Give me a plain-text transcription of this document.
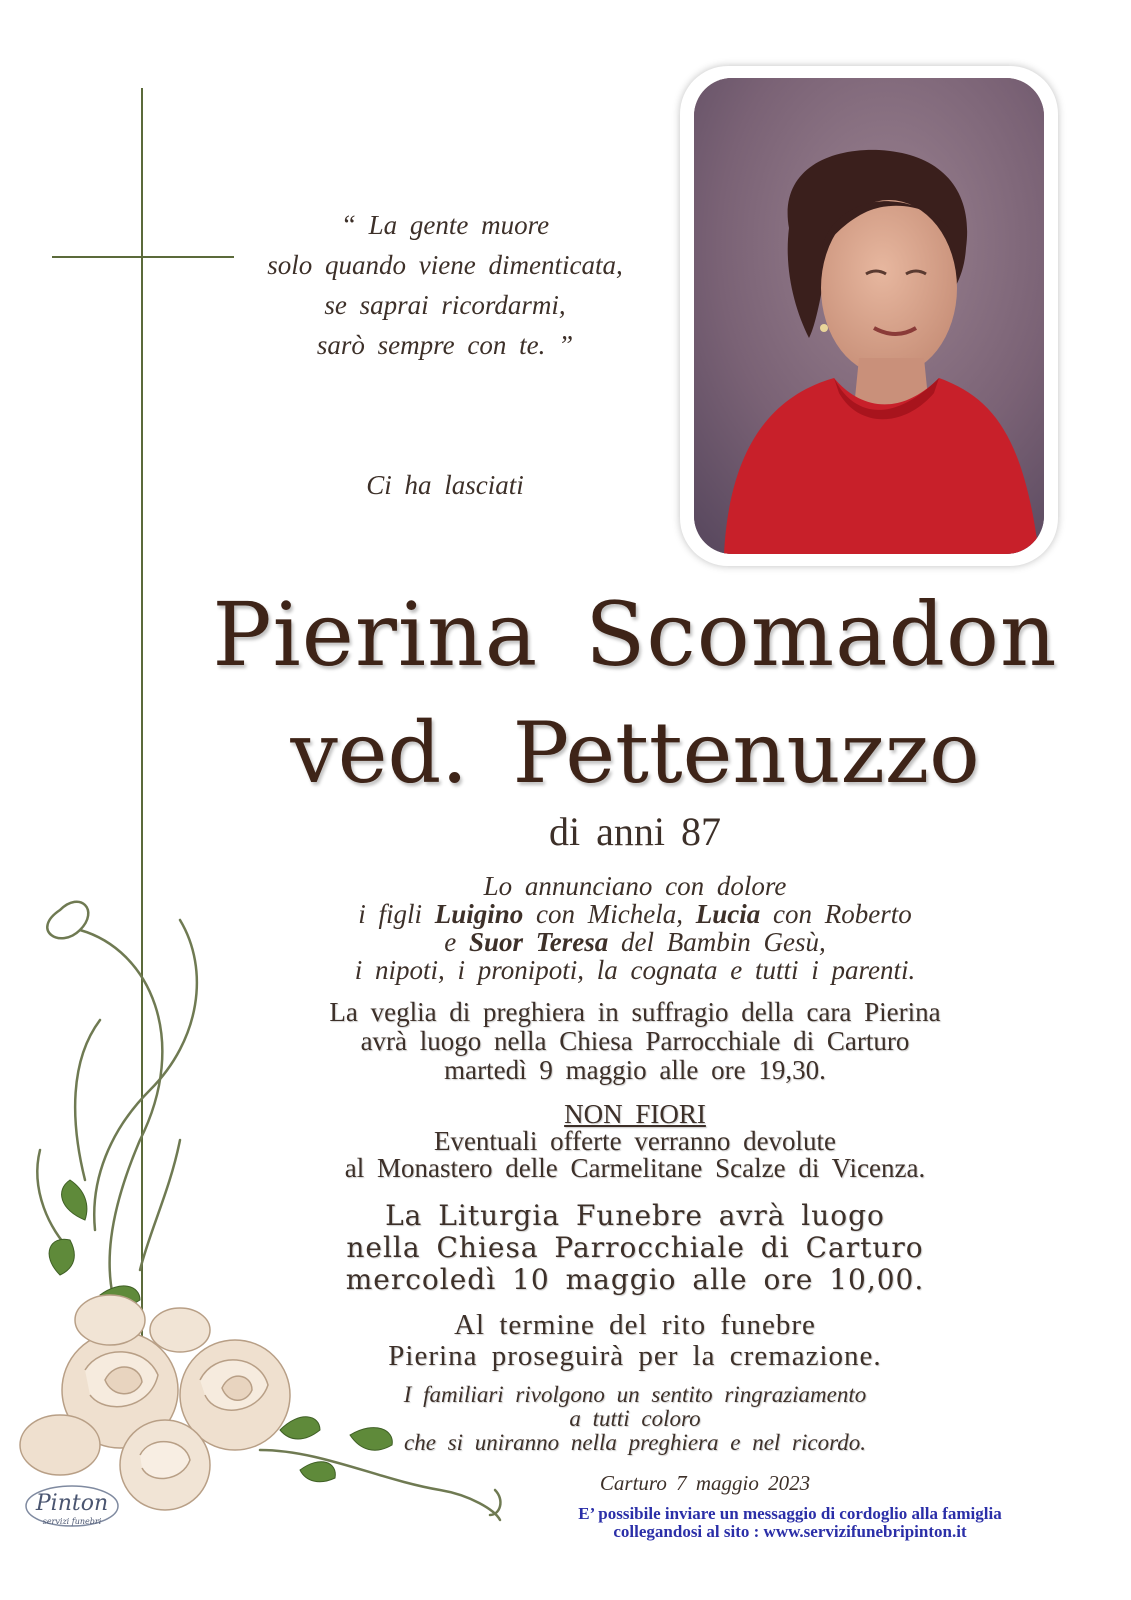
“ La gente muore
solo quando viene dimenticata,
se saprai ricordarmi,
sarò sempre con te. ”
Ci ha lasciati
Pierina Scomadon
ved. Pettenuzzo
di anni 87
Lo annunciano con dolore
i figli Luigino con Michela, Lucia con Roberto
e Suor Teresa del Bambin Gesù,
i nipoti, i pronipoti, la cognata e tutti i parenti.
La veglia di preghiera in suffragio della cara Pierina
avrà luogo nella Chiesa Parrocchiale di Carturo
martedì 9 maggio alle ore 19,30.
NON FIORI
Eventuali offerte verranno devolute
al Monastero delle Carmelitane Scalze di Vicenza.
La Liturgia Funebre avrà luogo
nella Chiesa Parrocchiale di Carturo
mercoledì 10 maggio alle ore 10,00.
Al termine del rito funebre
Pierina proseguirà per la cremazione.
I familiari rivolgono un sentito ringraziamento
a tutti coloro
che si uniranno nella preghiera e nel ricordo.
Carturo 7 maggio 2023
E’ possibile inviare un messaggio di cordoglio alla famiglia
collegandosi al sito : www.servizifunebripinton.it
Pinton
servizi funebri
